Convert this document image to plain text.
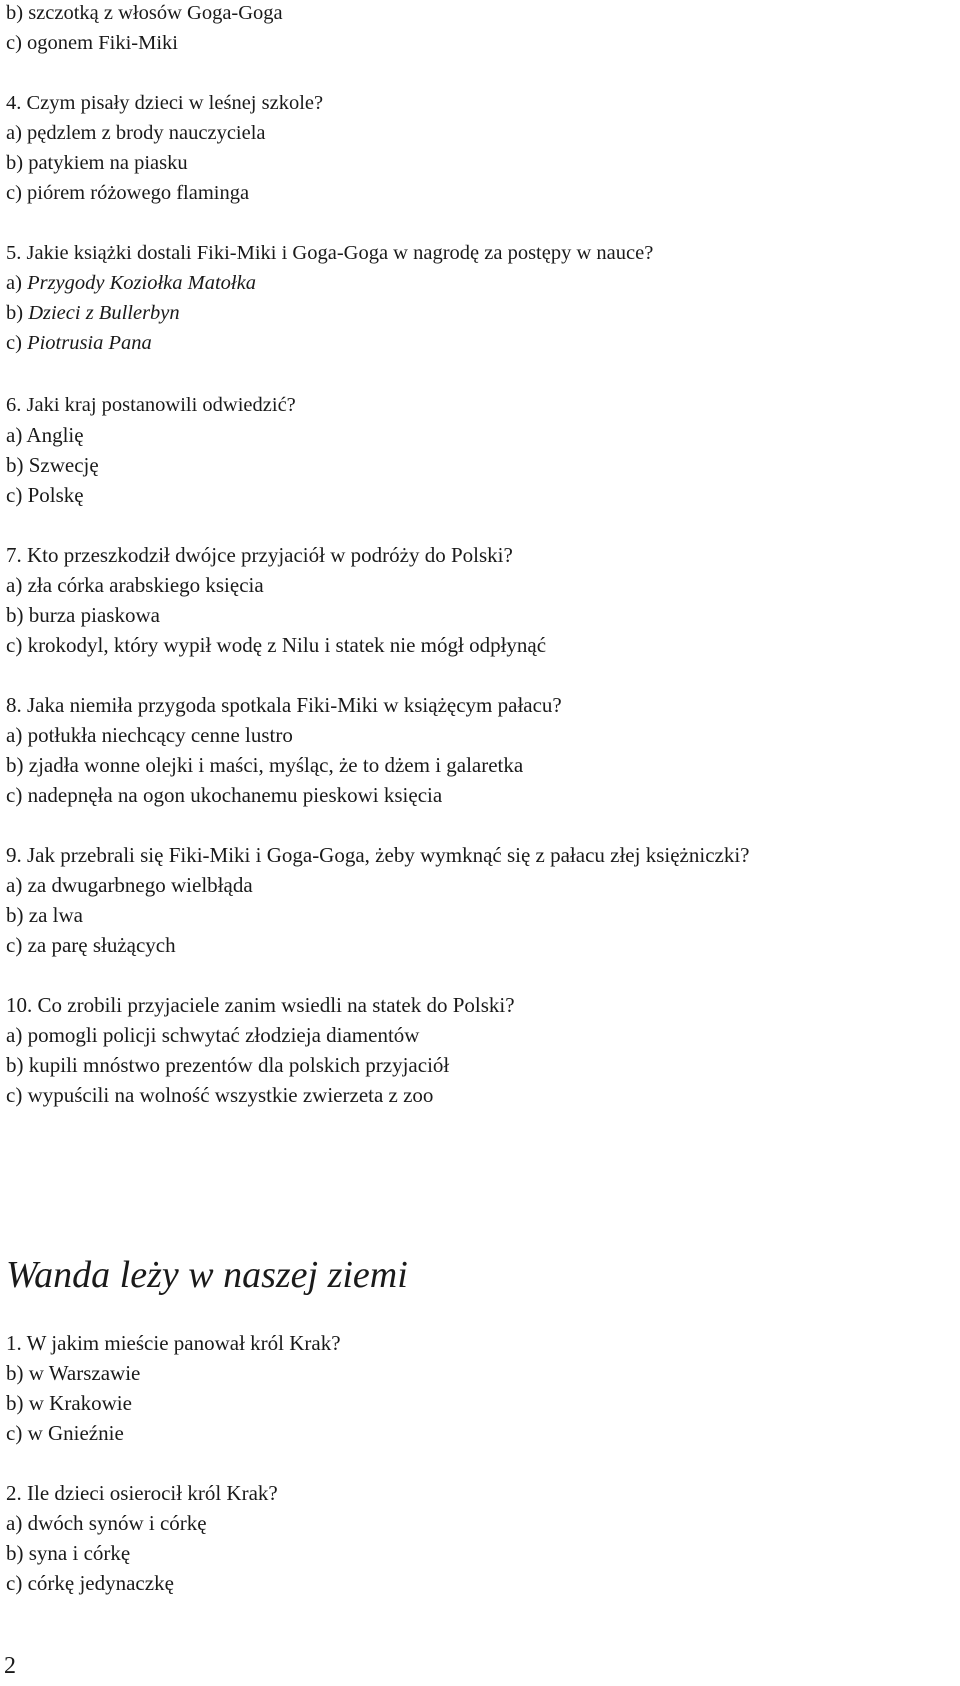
b) szczotką z włosów Goga-Goga

c) ogonem Fiki-Miki

4. Czym pisały dzieci w leśnej szkole?

a) pędzlem z brody nauczyciela

b) patykiem na piasku

c) piórem różowego flaminga

5. Jakie książki dostali Fiki-Miki i Goga-Goga w nagrodę za postępy w nauce?

a) Przygody Koziołka Matołka

b) Dzieci z Bullerbyn

c) Piotrusia Pana

6. Jaki kraj postanowili odwiedzić?

a) Anglię

b) Szwecję

c) Polskę

7. Kto przeszkodził dwójce przyjaciół w podróży do Polski?

a) zła córka arabskiego księcia

b) burza piaskowa

c) krokodyl, który wypił wodę z Nilu i statek nie mógł odpłynąć

8. Jaka niemiła przygoda spotkala Fiki-Miki w książęcym pałacu?

a) potłukła niechcący cenne lustro

b) zjadła wonne olejki i maści, myśląc, że to dżem i galaretka

c) nadepnęła na ogon ukochanemu pieskowi księcia

9. Jak przebrali się Fiki-Miki i Goga-Goga, żeby wymknąć się z pałacu złej księżniczki?

a) za dwugarbnego wielbłąda

b) za lwa

c) za parę służących

10. Co zrobili przyjaciele zanim wsiedli na statek do Polski?

a) pomogli policji schwytać złodzieja diamentów

b) kupili mnóstwo prezentów dla polskich przyjaciół

c) wypuścili na wolność wszystkie zwierzeta z zoo

Wanda leży w naszej ziemi

1. W jakim mieście panował król Krak?

b) w Warszawie

b) w Krakowie

c) w Gnieźnie

2. Ile dzieci osierocił król Krak?

a) dwóch synów i córkę

b) syna i córkę

c) córkę jedynaczkę

2
